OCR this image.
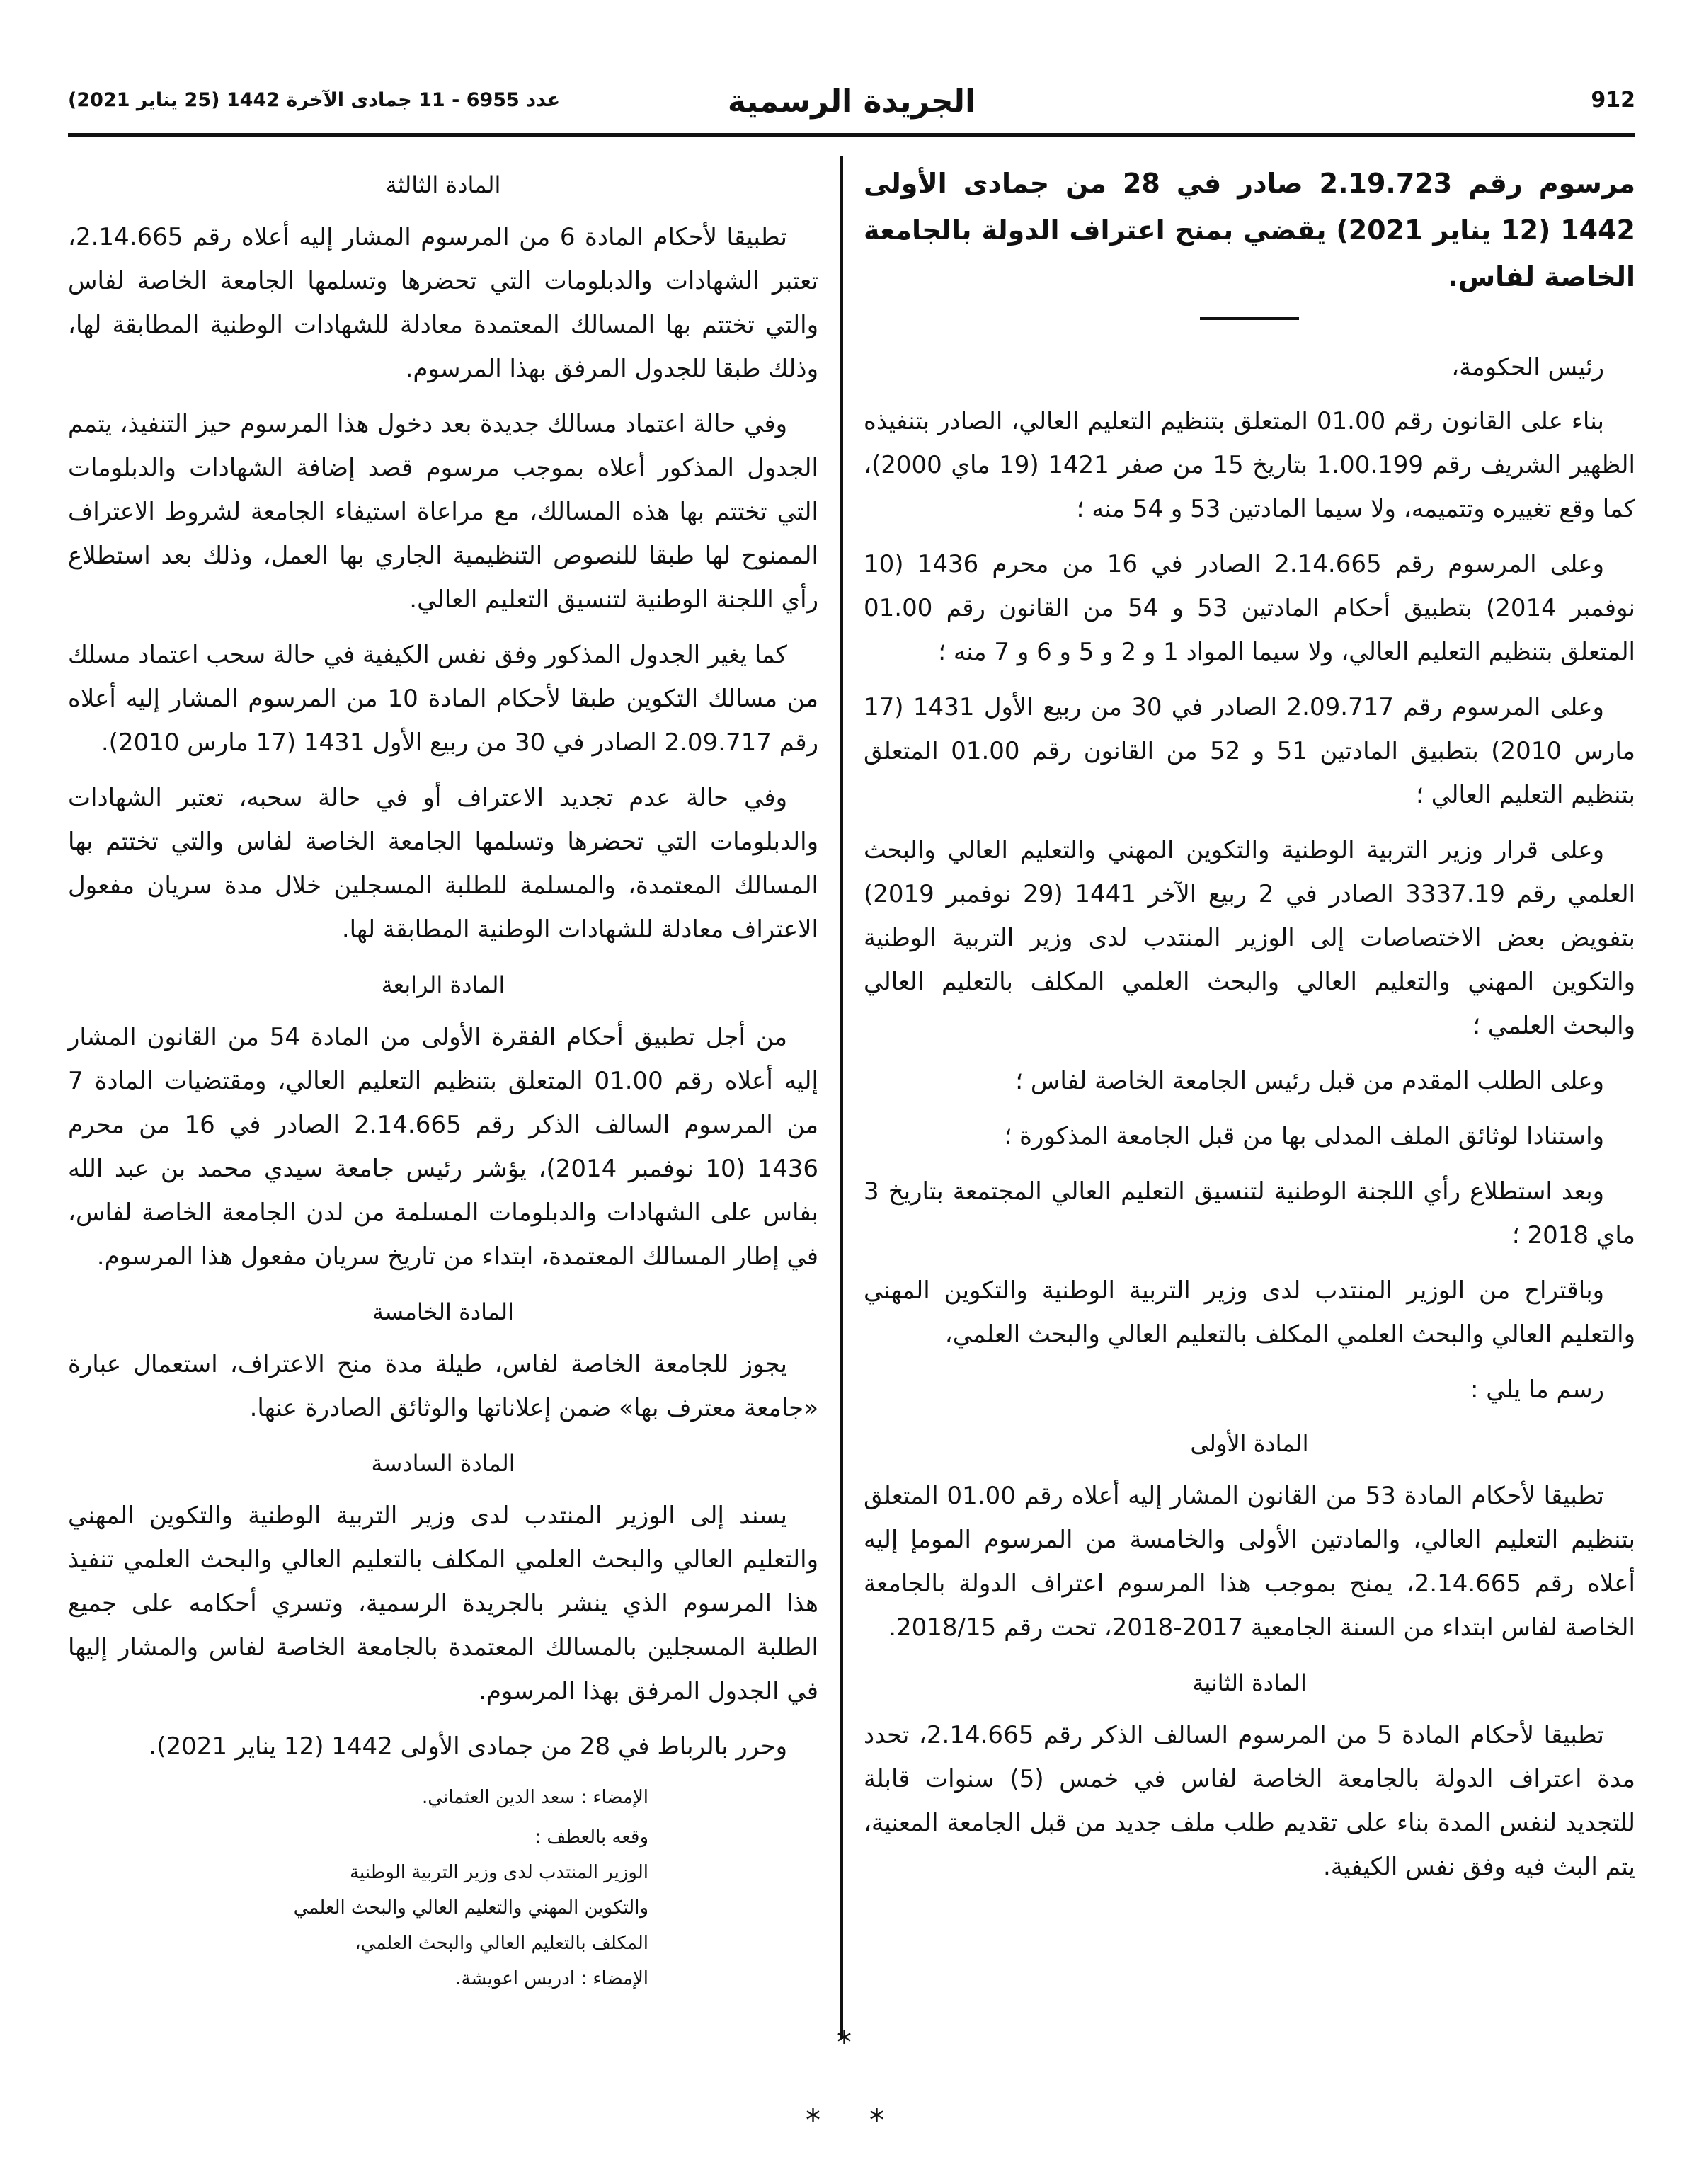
912
الجريدة الرسمية
عدد 6955 - 11 جمادى الآخرة 1442 (25 يناير 2021)
مرسوم رقم 2.19.723 صادر في 28 من جمادى الأولى 1442 (12 يناير 2021) يقضي بمنح اعتراف الدولة بالجامعة الخاصة لفاس.
رئيس الحكومة،

بناء على القانون رقم 01.00 المتعلق بتنظيم التعليم العالي، الصادر بتنفيذه الظهير الشريف رقم 1.00.199 بتاريخ 15 من صفر 1421 (19 ماي 2000)، كما وقع تغييره وتتميمه، ولا سيما المادتين 53 و 54 منه ؛

وعلى المرسوم رقم 2.14.665 الصادر في 16 من محرم 1436 (10 نوفمبر 2014) بتطبيق أحكام المادتين 53 و 54 من القانون رقم 01.00 المتعلق بتنظيم التعليم العالي، ولا سيما المواد 1 و 2 و 5 و 6 و 7 منه ؛

وعلى المرسوم رقم 2.09.717 الصادر في 30 من ربيع الأول 1431 (17 مارس 2010) بتطبيق المادتين 51 و 52 من القانون رقم 01.00 المتعلق بتنظيم التعليم العالي ؛

وعلى قرار وزير التربية الوطنية والتكوين المهني والتعليم العالي والبحث العلمي رقم 3337.19 الصادر في 2 ربيع الآخر 1441 (29 نوفمبر 2019) بتفويض بعض الاختصاصات إلى الوزير المنتدب لدى وزير التربية الوطنية والتكوين المهني والتعليم العالي والبحث العلمي المكلف بالتعليم العالي والبحث العلمي ؛

وعلى الطلب المقدم من قبل رئيس الجامعة الخاصة لفاس ؛

واستنادا لوثائق الملف المدلى بها من قبل الجامعة المذكورة ؛

وبعد استطلاع رأي اللجنة الوطنية لتنسيق التعليم العالي المجتمعة بتاريخ 3 ماي 2018 ؛

وباقتراح من الوزير المنتدب لدى وزير التربية الوطنية والتكوين المهني والتعليم العالي والبحث العلمي المكلف بالتعليم العالي والبحث العلمي،

رسم ما يلي :
المادة الأولى

تطبيقا لأحكام المادة 53 من القانون المشار إليه أعلاه رقم 01.00 المتعلق بتنظيم التعليم العالي، والمادتين الأولى والخامسة من المرسوم المومإ إليه أعلاه رقم 2.14.665، يمنح بموجب هذا المرسوم اعتراف الدولة بالجامعة الخاصة لفاس ابتداء من السنة الجامعية 2017-2018، تحت رقم 2018/15.

المادة الثانية

تطبيقا لأحكام المادة 5 من المرسوم السالف الذكر رقم 2.14.665، تحدد مدة اعتراف الدولة بالجامعة الخاصة لفاس في خمس (5) سنوات قابلة للتجديد لنفس المدة بناء على تقديم طلب ملف جديد من قبل الجامعة المعنية، يتم البث فيه وفق نفس الكيفية.

المادة الثالثة

تطبيقا لأحكام المادة 6 من المرسوم المشار إليه أعلاه رقم 2.14.665، تعتبر الشهادات والدبلومات التي تحضرها وتسلمها الجامعة الخاصة لفاس والتي تختتم بها المسالك المعتمدة معادلة للشهادات الوطنية المطابقة لها، وذلك طبقا للجدول المرفق بهذا المرسوم.

وفي حالة اعتماد مسالك جديدة بعد دخول هذا المرسوم حيز التنفيذ، يتمم الجدول المذكور أعلاه بموجب مرسوم قصد إضافة الشهادات والدبلومات التي تختتم بها هذه المسالك، مع مراعاة استيفاء الجامعة لشروط الاعتراف الممنوح لها طبقا للنصوص التنظيمية الجاري بها العمل، وذلك بعد استطلاع رأي اللجنة الوطنية لتنسيق التعليم العالي.

كما يغير الجدول المذكور وفق نفس الكيفية في حالة سحب اعتماد مسلك من مسالك التكوين طبقا لأحكام المادة 10 من المرسوم المشار إليه أعلاه رقم 2.09.717 الصادر في 30 من ربيع الأول 1431 (17 مارس 2010).

وفي حالة عدم تجديد الاعتراف أو في حالة سحبه، تعتبر الشهادات والدبلومات التي تحضرها وتسلمها الجامعة الخاصة لفاس والتي تختتم بها المسالك المعتمدة، والمسلمة للطلبة المسجلين خلال مدة سريان مفعول الاعتراف معادلة للشهادات الوطنية المطابقة لها.

المادة الرابعة

من أجل تطبيق أحكام الفقرة الأولى من المادة 54 من القانون المشار إليه أعلاه رقم 01.00 المتعلق بتنظيم التعليم العالي، ومقتضيات المادة 7 من المرسوم السالف الذكر رقم 2.14.665 الصادر في 16 من محرم 1436 (10 نوفمبر 2014)، يؤشر رئيس جامعة سيدي محمد بن عبد الله بفاس على الشهادات والدبلومات المسلمة من لدن الجامعة الخاصة لفاس، في إطار المسالك المعتمدة، ابتداء من تاريخ سريان مفعول هذا المرسوم.

المادة الخامسة

يجوز للجامعة الخاصة لفاس، طيلة مدة منح الاعتراف، استعمال عبارة «جامعة معترف بها» ضمن إعلاناتها والوثائق الصادرة عنها.

المادة السادسة

يسند إلى الوزير المنتدب لدى وزير التربية الوطنية والتكوين المهني والتعليم العالي والبحث العلمي المكلف بالتعليم العالي والبحث العلمي تنفيذ هذا المرسوم الذي ينشر بالجريدة الرسمية، وتسري أحكامه على جميع الطلبة المسجلين بالمسالك المعتمدة بالجامعة الخاصة لفاس والمشار إليها في الجدول المرفق بهذا المرسوم.

وحرر بالرباط في 28 من جمادى الأولى 1442 (12 يناير 2021).

الإمضاء : سعد الدين العثماني.
وقعه بالعطف :
الوزير المنتدب لدى وزير التربية الوطنية
والتكوين المهني والتعليم العالي والبحث العلمي
المكلف بالتعليم العالي والبحث العلمي،
الإمضاء : ادريس اعويشة.
*
* *
